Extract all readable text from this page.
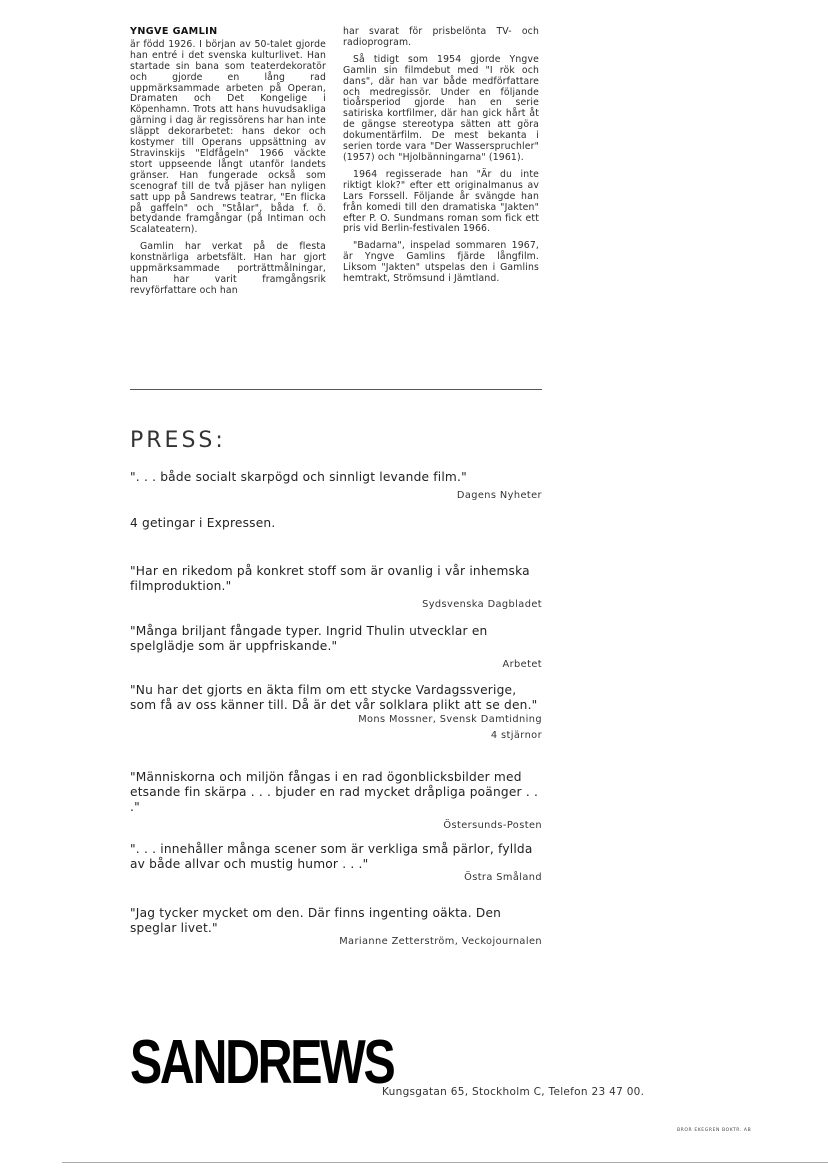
YNGVE GAMLIN

är född 1926. I början av 50-talet gjorde han entré i det svenska kulturlivet. Han startade sin bana som teaterdekoratör och gjorde en lång rad uppmärksammade arbeten på Operan, Dramaten och Det Kongelige i Köpenhamn. Trots att hans huvudsakliga gärning i dag är regissörens har han inte släppt dekorarbetet: hans dekor och kostymer till Operans uppsättning av Stravinskijs "Eldfågeln" 1966 väckte stort uppseende långt utanför landets gränser. Han fungerade också som scenograf till de två pjäser han nyligen satt upp på Sandrews teatrar, "En flicka på gaffeln" och "Stålar", båda f. ö. betydande framgångar (på Intiman och Scalateatern).

Gamlin har verkat på de flesta konstnärliga arbetsfält. Han har gjort uppmärksammade porträttmålningar, han har varit framgångsrik revyförfattare och han

har svarat för prisbelönta TV- och radioprogram.

Så tidigt som 1954 gjorde Yngve Gamlin sin filmdebut med "I rök och dans", där han var både medförfattare och medregissör. Under en följande tioårsperiod gjorde han en serie satiriska kortfilmer, där han gick hårt åt de gängse stereotypa sätten att göra dokumentärfilm. De mest bekanta i serien torde vara "Der Wasserspruchler" (1957) och "Hjolbänningarna" (1961).

1964 regisserade han "Är du inte riktigt klok?" efter ett originalmanus av Lars Forssell. Följande år svängde han från komedi till den dramatiska "Jakten" efter P. O. Sundmans roman som fick ett pris vid Berlin-festivalen 1966.

"Badarna", inspelad sommaren 1967, är Yngve Gamlins fjärde långfilm. Liksom "Jakten" utspelas den i Gamlins hemtrakt, Strömsund i Jämtland.

PRESS:

". . . både socialt skarpögd och sinnligt levande film."

Dagens Nyheter

4 getingar i Expressen.

"Har en rikedom på konkret stoff som är ovanlig i vår inhemska filmproduktion."

Sydsvenska Dagbladet

"Många briljant fångade typer. Ingrid Thulin utvecklar en spelglädje som är uppfriskande."

Arbetet

"Nu har det gjorts en äkta film om ett stycke Vardagssverige, som få av oss känner till. Då är det vår solklara plikt att se den."

Mons Mossner, Svensk Damtidning

4 stjärnor

"Människorna och miljön fångas i en rad ögonblicksbilder med etsande fin skärpa . . . bjuder en rad mycket dråpliga poänger . . ."

Östersunds-Posten

". . . innehåller många scener som är verkliga små pärlor, fyllda av både allvar och mustig humor . . ."

Östra Småland

"Jag tycker mycket om den. Där finns ingenting oäkta. Den speglar livet."

Marianne Zetterström, Veckojournalen

SANDREWS
Kungsgatan 65, Stockholm C, Telefon 23 47 00.
BROR EKEGREN BOKTR. AB
